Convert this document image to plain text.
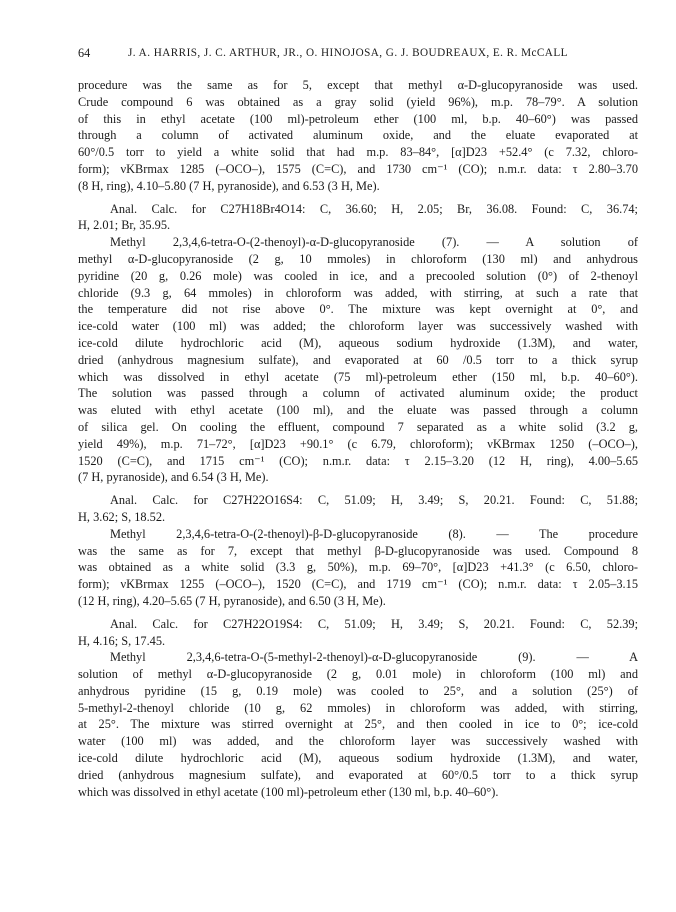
64	J. A. HARRIS, J. C. ARTHUR, JR., O. HINOJOSA, G. J. BOUDREAUX, E. R. McCALL
procedure was the same as for 5, except that methyl α-D-glucopyranoside was used.
Crude compound 6 was obtained as a gray solid (yield 96%), m.p. 78–79°. A solution
of this in ethyl acetate (100 ml)-petroleum ether (100 ml, b.p. 40–60°) was passed
through a column of activated aluminum oxide, and the eluate evaporated at
60°/0.5 torr to yield a white solid that had m.p. 83–84°, [α]D23 +52.4° (c 7.32, chloro-
form); νKBrmax 1285 (–OCO–), 1575 (C=C), and 1730 cm⁻¹ (CO); n.m.r. data: τ 2.80–3.70
(8 H, ring), 4.10–5.80 (7 H, pyranoside), and 6.53 (3 H, Me).
Anal. Calc. for C27H18Br4O14: C, 36.60; H, 2.05; Br, 36.08. Found: C, 36.74;
H, 2.01; Br, 35.95.
Methyl 2,3,4,6-tetra-O-(2-thenoyl)-α-D-glucopyranoside (7). — A solution of
methyl α-D-glucopyranoside (2 g, 10 mmoles) in chloroform (130 ml) and anhydrous
pyridine (20 g, 0.26 mole) was cooled in ice, and a precooled solution (0°) of 2-thenoyl
chloride (9.3 g, 64 mmoles) in chloroform was added, with stirring, at such a rate that
the temperature did not rise above 0°. The mixture was kept overnight at 0°, and
ice-cold water (100 ml) was added; the chloroform layer was successively washed with
ice-cold dilute hydrochloric acid (M), aqueous sodium hydroxide (1.3M), and water,
dried (anhydrous magnesium sulfate), and evaporated at 60 /0.5 torr to a thick syrup
which was dissolved in ethyl acetate (75 ml)-petroleum ether (150 ml, b.p. 40–60°).
The solution was passed through a column of activated aluminum oxide; the product
was eluted with ethyl acetate (100 ml), and the eluate was passed through a column
of silica gel. On cooling the effluent, compound 7 separated as a white solid (3.2 g,
yield 49%), m.p. 71–72°, [α]D23 +90.1° (c 6.79, chloroform); νKBrmax 1250 (–OCO–),
1520 (C=C), and 1715 cm⁻¹ (CO); n.m.r. data: τ 2.15–3.20 (12 H, ring), 4.00–5.65
(7 H, pyranoside), and 6.54 (3 H, Me).
Anal. Calc. for C27H22O16S4: C, 51.09; H, 3.49; S, 20.21. Found: C, 51.88;
H, 3.62; S, 18.52.
Methyl 2,3,4,6-tetra-O-(2-thenoyl)-β-D-glucopyranoside (8). — The procedure
was the same as for 7, except that methyl β-D-glucopyranoside was used. Compound 8
was obtained as a white solid (3.3 g, 50%), m.p. 69–70°, [α]D23 +41.3° (c 6.50, chloro-
form); νKBrmax 1255 (–OCO–), 1520 (C=C), and 1719 cm⁻¹ (CO); n.m.r. data: τ 2.05–3.15
(12 H, ring), 4.20–5.65 (7 H, pyranoside), and 6.50 (3 H, Me).
Anal. Calc. for C27H22O19S4: C, 51.09; H, 3.49; S, 20.21. Found: C, 52.39;
H, 4.16; S, 17.45.
Methyl 2,3,4,6-tetra-O-(5-methyl-2-thenoyl)-α-D-glucopyranoside (9). — A
solution of methyl α-D-glucopyranoside (2 g, 0.01 mole) in chloroform (100 ml) and
anhydrous pyridine (15 g, 0.19 mole) was cooled to 25°, and a solution (25°) of
5-methyl-2-thenoyl chloride (10 g, 62 mmoles) in chloroform was added, with stirring,
at 25°. The mixture was stirred overnight at 25°, and then cooled in ice to 0°; ice-cold
water (100 ml) was added, and the chloroform layer was successively washed with
ice-cold dilute hydrochloric acid (M), aqueous sodium hydroxide (1.3M), and water,
dried (anhydrous magnesium sulfate), and evaporated at 60°/0.5 torr to a thick syrup
which was dissolved in ethyl acetate (100 ml)-petroleum ether (130 ml, b.p. 40–60°).
